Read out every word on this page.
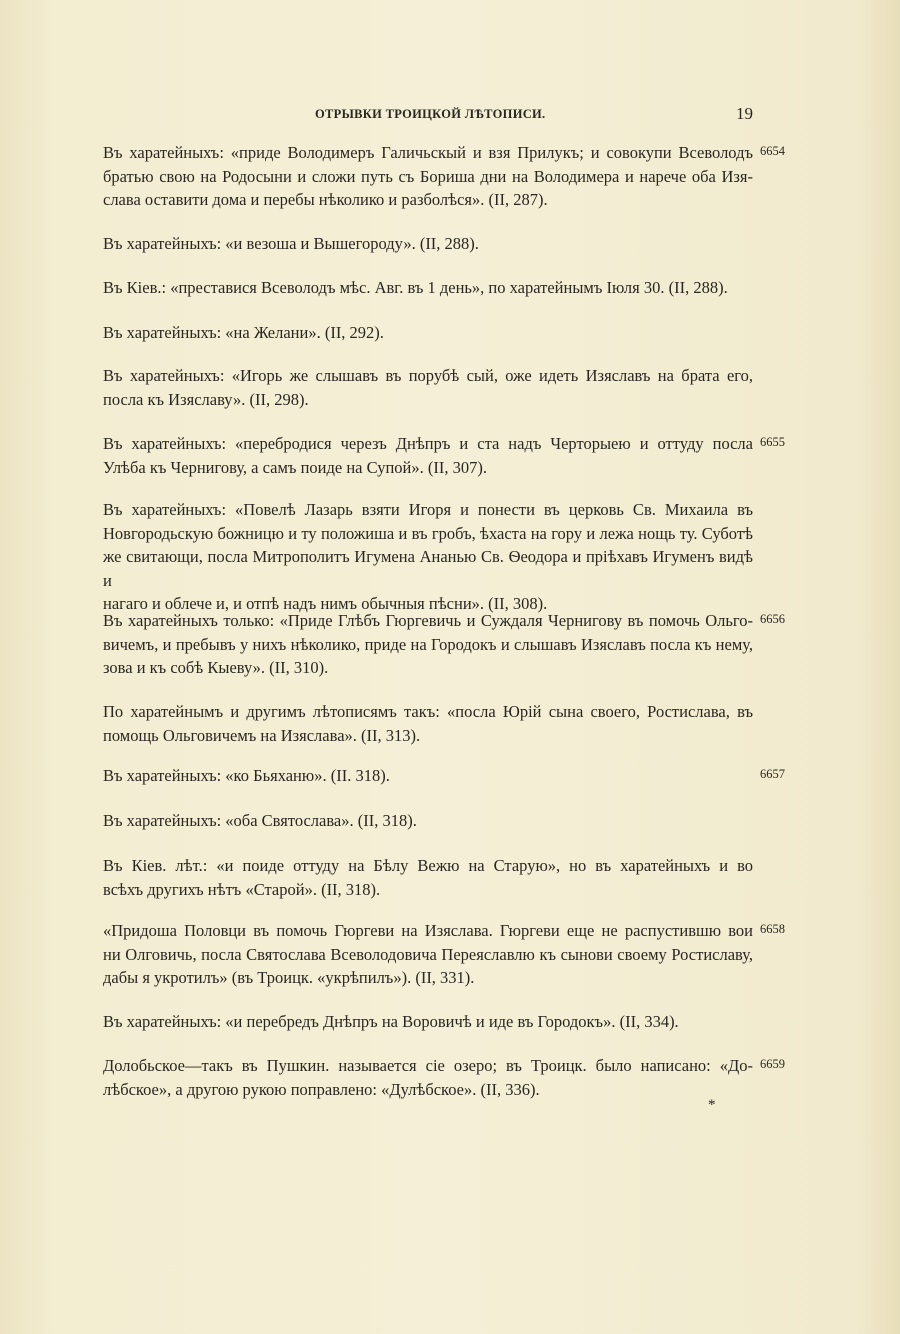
ОТРЫВКИ ТРОИЦКОЙ ЛѢТОПИСИ.	19
Въ харатейныхъ: «приде Володимеръ Галичьскый и взя Прилукъ; и совокупи Всеволодъ
братью свою на Родосыни и сложи путь съ Бориша дни на Володимера и нарече оба Изя-
слава оставити дома и перебы нѣколико и разболѣся». (II, 287).
6654
Въ харатейныхъ: «и везоша и Вышегороду». (II, 288).
Въ Кіев.: «преставися Всеволодъ мѣс. Авг. въ 1 день», по харатейнымъ Іюля 30. (II, 288).
Въ харатейныхъ: «на Желани». (II, 292).
Въ харатейныхъ: «Игорь же слышавъ въ порубѣ сый, оже идеть Изяславъ на брата его,
посла къ Изяславу». (II, 298).
Въ харатейныхъ: «перебродися черезъ Днѣпръ и ста надъ Черторыею и оттуду посла
Улѣба къ Чернигову, а самъ поиде на Супой». (II, 307).
6655
Въ харатейныхъ: «Повелѣ Лазарь взяти Игоря и понести въ церковь Св. Михаила въ
Новгородьскую божницю и ту положиша и въ гробъ, ѣхаста на гору и лежа нощь ту. Суботѣ
же свитающи, посла Митрополитъ Игумена Ананью Св. Ѳеодора и пріѣхавъ Игуменъ видѣ и
нагаго и облече и, и отпѣ надъ нимъ обычныя пѣсни». (II, 308).
Въ харатейныхъ только: «Приде Глѣбъ Гюргевичь и Суждаля Чернигову въ помочь Ольго-
вичемъ, и пребывъ у нихъ нѣколико, приде на Городокъ и слышавъ Изяславъ посла къ нему,
зова и къ собѣ Кыеву». (II, 310).
6656
По харатейнымъ и другимъ лѣтописямъ такъ: «посла Юрій сына своего, Ростислава, въ
помощь Ольговичемъ на Изяслава». (II, 313).
Въ харатейныхъ: «ко Бьяханю». (II. 318).	6657
Въ харатейныхъ: «оба Святослава». (II, 318).
Въ Кіев. лѣт.: «и поиде оттуду на Бѣлу Вежю на Старую», но въ харатейныхъ и во
всѣхъ другихъ нѣтъ «Старой». (II, 318).
«Придоша Половци въ помочь Гюргеви на Изяслава. Гюргеви еще не распустившю вои
ни Олговичь, посла Святослава Всеволодовича Переяславлю къ сынови своему Ростиславу,
дабы я укротилъ» (въ Троицк. «укрѣпилъ»). (II, 331).
6658
Въ харатейныхъ: «и перебредъ Днѣпръ на Воровичѣ и иде въ Городокъ». (II, 334).
Долобьское—такъ въ Пушкин. называется сіе озеро; въ Троицк. было написано: «До-
лѣбское», а другою рукою поправлено: «Дулѣбское». (II, 336).
6659
*
